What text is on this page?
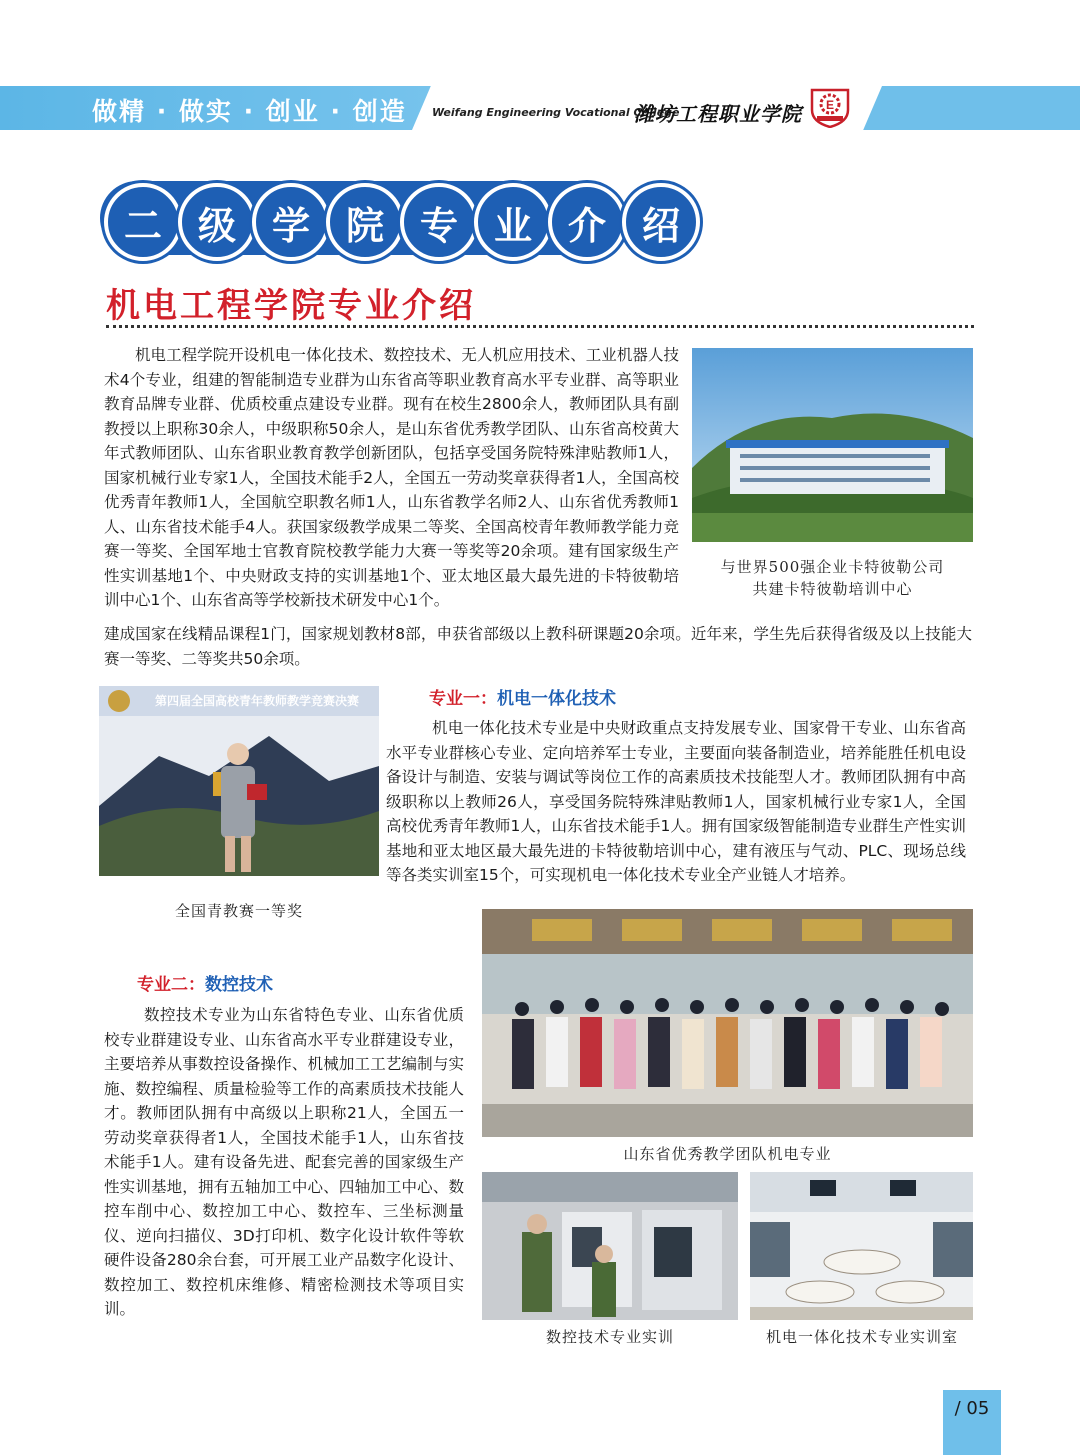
做精 · 做实 · 创业 · 创造 Weifang Engineering Vocational College
潍坊工程职业学院 E
二 级 学 院 专 业 介 绍
机电工程学院专业介绍
机电工程学院开设机电一体化技术、数控技术、无人机应用技术、工业机器人技术4个专业，组建的智能制造专业群为山东省高等职业教育高水平专业群、高等职业教育品牌专业群、优质校重点建设专业群。现有在校生2800余人，教师团队具有副教授以上职称30余人，中级职称50余人，是山东省优秀教学团队、山东省高校黄大年式教师团队、山东省职业教育教学创新团队，包括享受国务院特殊津贴教师1人，国家机械行业专家1人，全国技术能手2人，全国五一劳动奖章获得者1人，全国高校优秀青年教师1人，全国航空职教名师1人，山东省教学名师2人、山东省优秀教师1人、山东省技术能手4人。获国家级教学成果二等奖、全国高校青年教师教学能力竞赛一等奖、全国军地士官教育院校教学能力大赛一等奖等20余项。建有国家级生产性实训基地1个、中央财政支持的实训基地1个、亚太地区最大最先进的卡特彼勒培训中心1个、山东省高等学校新技术研发中心1个。
建成国家在线精品课程1门，国家规划教材8部，申获省部级以上教科研课题20余项。近年来，学生先后获得省级及以上技能大赛一等奖、二等奖共50余项。
与世界500强企业卡特彼勒公司
共建卡特彼勒培训中心
第四届全国高校青年教师教学竞赛决赛
全国青教赛一等奖
专业一：机电一体化技术
机电一体化技术专业是中央财政重点支持发展专业、国家骨干专业、山东省高水平专业群核心专业、定向培养军士专业，主要面向装备制造业，培养能胜任机电设备设计与制造、安装与调试等岗位工作的高素质技术技能型人才。教师团队拥有中高级职称以上教师26人，享受国务院特殊津贴教师1人，国家机械行业专家1人，全国高校优秀青年教师1人，山东省技术能手1人。拥有国家级智能制造专业群生产性实训基地和亚太地区最大最先进的卡特彼勒培训中心，建有液压与气动、PLC、现场总线等各类实训室15个，可实现机电一体化技术专业全产业链人才培养。
山东省优秀教学团队机电专业
专业二：数控技术
数控技术专业为山东省特色专业、山东省优质校专业群建设专业、山东省高水平专业群建设专业，主要培养从事数控设备操作、机械加工工艺编制与实施、数控编程、质量检验等工作的高素质技术技能人才。教师团队拥有中高级以上职称21人，全国五一劳动奖章获得者1人，全国技术能手1人，山东省技术能手1人。建有设备先进、配套完善的国家级生产性实训基地，拥有五轴加工中心、四轴加工中心、数控车削中心、数控加工中心、数控车、三坐标测量仪、逆向扫描仪、3D打印机、数字化设计软件等软硬件设备280余台套，可开展工业产品数字化设计、数控加工、数控机床维修、精密检测技术等项目实训。
数控技术专业实训	机电一体化技术专业实训室
/ 05
